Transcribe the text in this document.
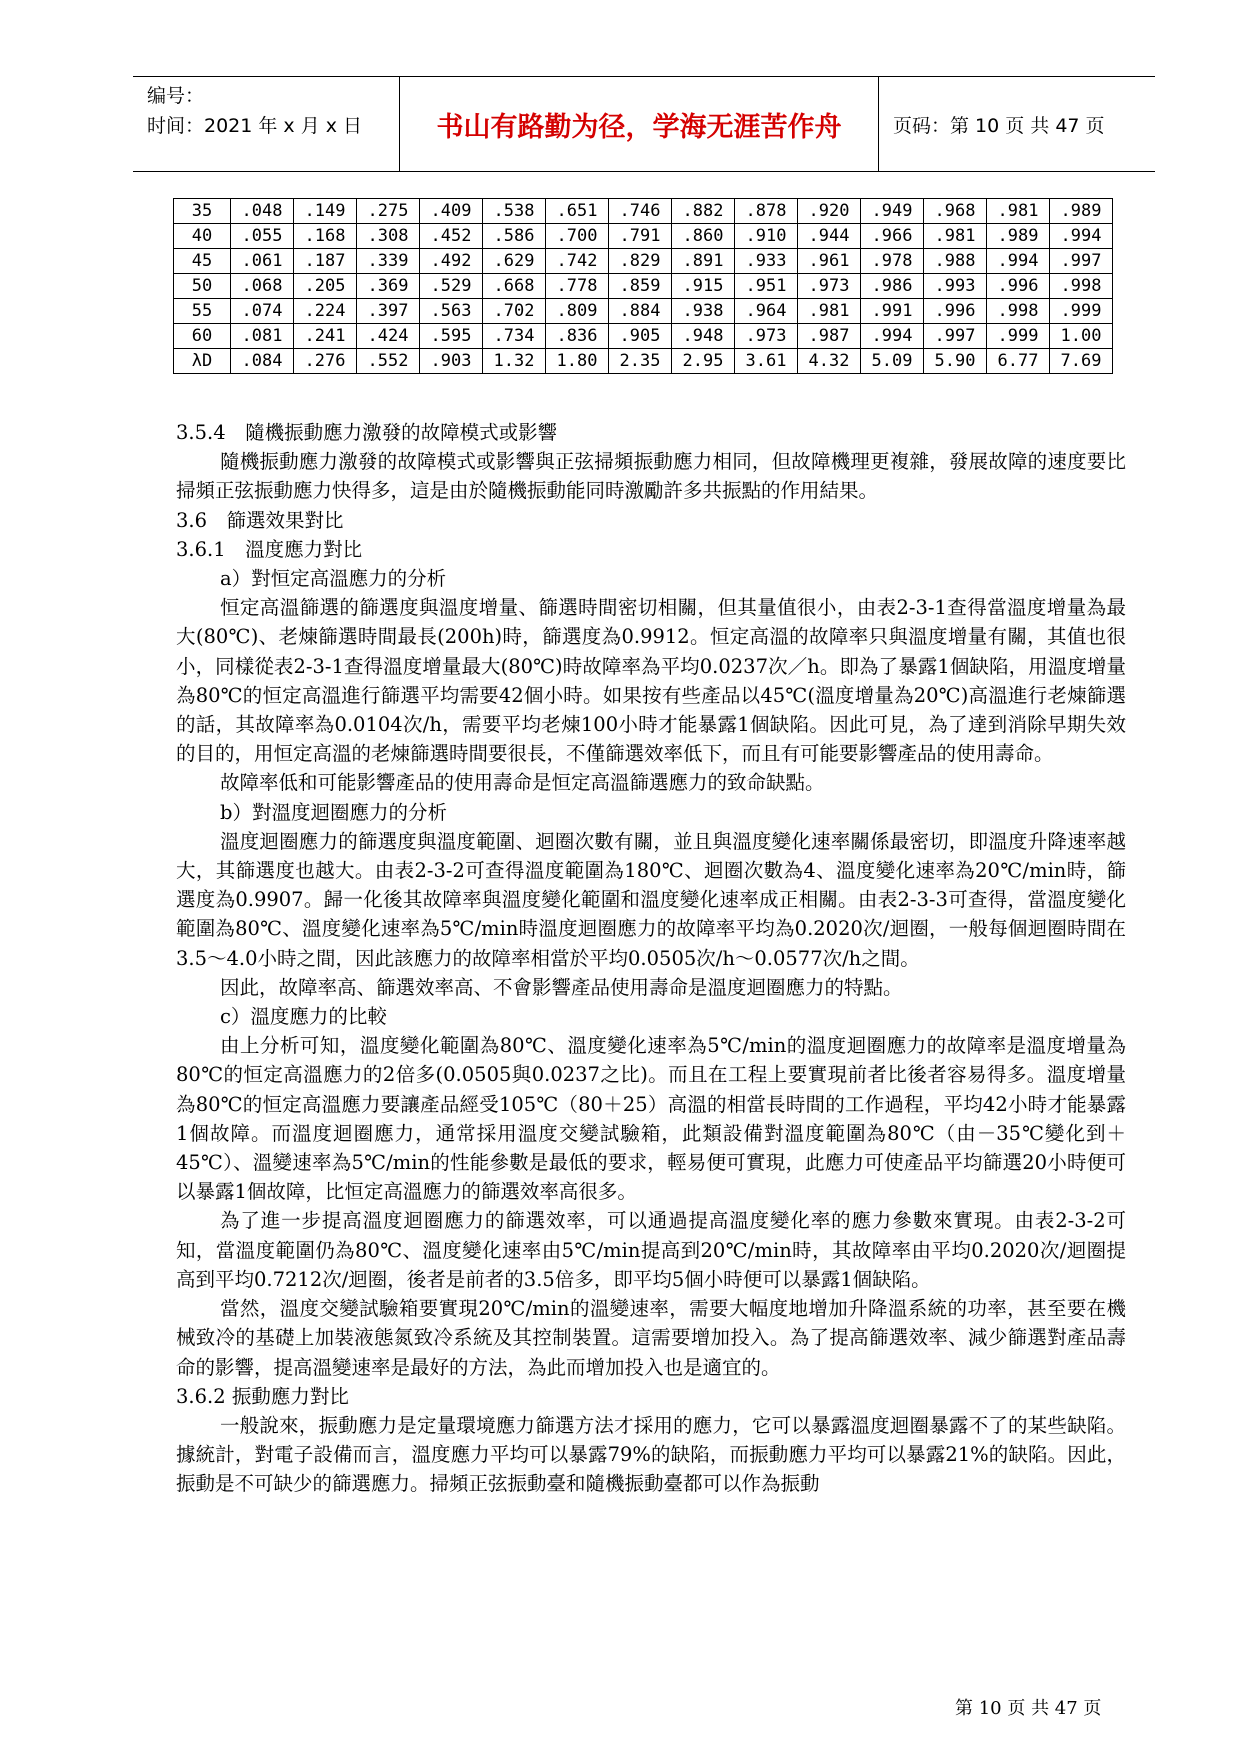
编号：
时间：2021 年 x 月 x 日	书山有路勤为径，学海无涯苦作舟	页码：第 10 页 共 47 页
35	.048	.149	.275	.409	.538	.651	.746	.882	.878	.920	.949	.968	.981	.989
40	.055	.168	.308	.452	.586	.700	.791	.860	.910	.944	.966	.981	.989	.994
45	.061	.187	.339	.492	.629	.742	.829	.891	.933	.961	.978	.988	.994	.997
50	.068	.205	.369	.529	.668	.778	.859	.915	.951	.973	.986	.993	.996	.998
55	.074	.224	.397	.563	.702	.809	.884	.938	.964	.981	.991	.996	.998	.999
60	.081	.241	.424	.595	.734	.836	.905	.948	.973	.987	.994	.997	.999	1.00
λD	.084	.276	.552	.903	1.32	1.80	2.35	2.95	3.61	4.32	5.09	5.90	6.77	7.69

3.5.4　隨機振動應力激發的故障模式或影響

隨機振動應力激發的故障模式或影響與正弦掃頻振動應力相同，但故障機理更複雜，發展故障的速度要比掃頻正弦振動應力快得多，這是由於隨機振動能同時激勵許多共振點的作用結果。

3.6　篩選效果對比

3.6.1　溫度應力對比

a）對恒定高溫應力的分析

恒定高溫篩選的篩選度與溫度增量、篩選時間密切相關，但其量值很小，由表2-3-1查得當溫度增量為最大(80℃)、老煉篩選時間最長(200h)時，篩選度為0.9912。恒定高溫的故障率只與溫度增量有關，其值也很小，同樣從表2-3-1查得溫度增量最大(80℃)時故障率為平均0.0237次／h。即為了暴露1個缺陷，用溫度增量為80℃的恒定高溫進行篩選平均需要42個小時。如果按有些產品以45℃(溫度增量為20℃)高溫進行老煉篩選的話，其故障率為0.0104次/h，需要平均老煉100小時才能暴露1個缺陷。因此可見，為了達到消除早期失效的目的，用恒定高溫的老煉篩選時間要很長，不僅篩選效率低下，而且有可能要影響產品的使用壽命。

故障率低和可能影響產品的使用壽命是恒定高溫篩選應力的致命缺點。

b）對溫度迴圈應力的分析

溫度迴圈應力的篩選度與溫度範圍、迴圈次數有關，並且與溫度變化速率關係最密切，即溫度升降速率越大，其篩選度也越大。由表2-3-2可查得溫度範圍為180℃、迴圈次數為4、溫度變化速率為20℃/min時，篩選度為0.9907。歸一化後其故障率與溫度變化範圍和溫度變化速率成正相關。由表2-3-3可查得，當溫度變化範圍為80℃、溫度變化速率為5℃/min時溫度迴圈應力的故障率平均為0.2020次/迴圈，一般每個迴圈時間在3.5～4.0小時之間，因此該應力的故障率相當於平均0.0505次/h～0.0577次/h之間。

因此，故障率高、篩選效率高、不會影響產品使用壽命是溫度迴圈應力的特點。

c）溫度應力的比較

由上分析可知，溫度變化範圍為80℃、溫度變化速率為5℃/min的溫度迴圈應力的故障率是溫度增量為80℃的恒定高溫應力的2倍多(0.0505與0.0237之比)。而且在工程上要實現前者比後者容易得多。溫度增量為80℃的恒定高溫應力要讓產品經受105℃（80＋25）高溫的相當長時間的工作過程，平均42小時才能暴露1個故障。而溫度迴圈應力，通常採用溫度交變試驗箱，此類設備對溫度範圍為80℃（由－35℃變化到＋45℃）、溫變速率為5℃/min的性能參數是最低的要求，輕易便可實現，此應力可使產品平均篩選20小時便可以暴露1個故障，比恒定高溫應力的篩選效率高很多。

為了進一步提高溫度迴圈應力的篩選效率，可以通過提高溫度變化率的應力參數來實現。由表2-3-2可知，當溫度範圍仍為80℃、溫度變化速率由5℃/min提高到20℃/min時，其故障率由平均0.2020次/迴圈提高到平均0.7212次/迴圈，後者是前者的3.5倍多，即平均5個小時便可以暴露1個缺陷。

當然，溫度交變試驗箱要實現20℃/min的溫變速率，需要大幅度地增加升降溫系統的功率，甚至要在機械致冷的基礎上加裝液態氮致冷系統及其控制裝置。這需要增加投入。為了提高篩選效率、減少篩選對產品壽命的影響，提高溫變速率是最好的方法，為此而增加投入也是適宜的。

3.6.2 振動應力對比

一般說來，振動應力是定量環境應力篩選方法才採用的應力，它可以暴露溫度迴圈暴露不了的某些缺陷。據統計，對電子設備而言，溫度應力平均可以暴露79%的缺陷，而振動應力平均可以暴露21%的缺陷。因此，振動是不可缺少的篩選應力。掃頻正弦振動臺和隨機振動臺都可以作為振動

第 10 页 共 47 页
